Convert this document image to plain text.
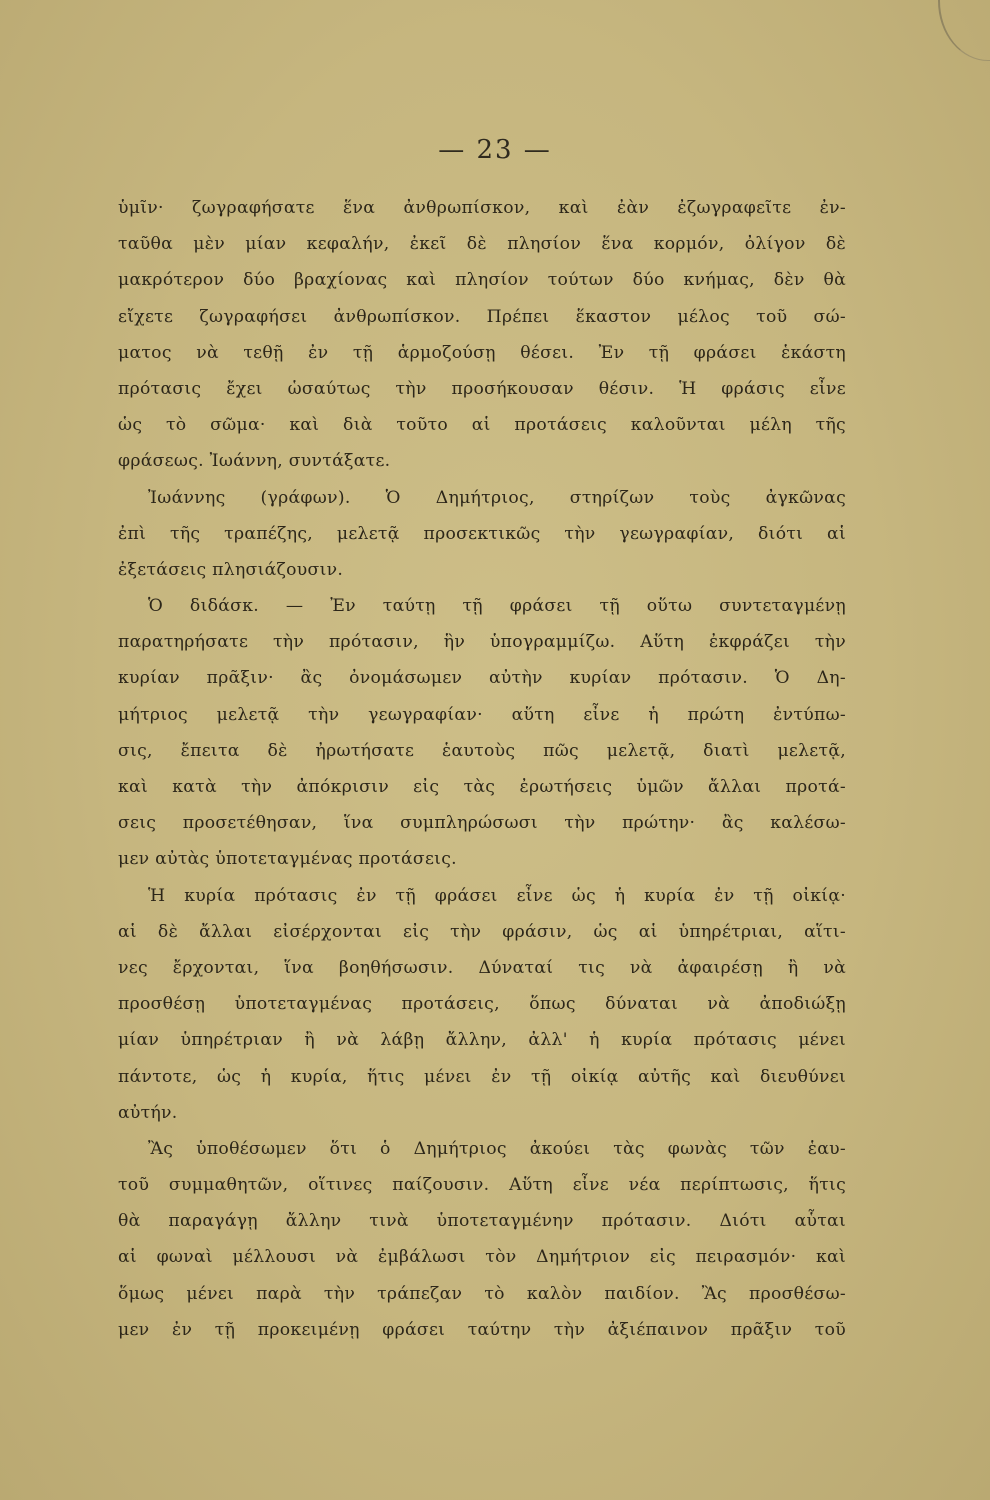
— 23 —
ὑμῖν· ζωγραφήσατε ἕνα ἀνθρωπίσκον, καὶ ἐὰν ἐζωγραφεῖτε ἐν-
ταῦθα μὲν μίαν κεφαλήν, ἐκεῖ δὲ πλησίον ἕνα κορμόν, ὀλίγον δὲ
μακρότερον δύο βραχίονας καὶ πλησίον τούτων δύο κνήμας, δὲν θὰ
εἴχετε ζωγραφήσει ἀνθρωπίσκον. Πρέπει ἕκαστον μέλος τοῦ σώ-
ματος νὰ τεθῇ ἐν τῇ ἁρμοζούσῃ θέσει. Ἐν τῇ φράσει ἑκάστη
πρότασις ἔχει ὡσαύτως τὴν προσήκουσαν θέσιν. Ἡ φράσις εἶνε
ὡς τὸ σῶμα· καὶ διὰ τοῦτο αἱ προτάσεις καλοῦνται μέλη τῆς
φράσεως. Ἰωάννη, συντάξατε.
Ἰωάννης (γράφων). Ὁ Δημήτριος, στηρίζων τοὺς ἀγκῶνας
ἐπὶ τῆς τραπέζης, μελετᾷ προσεκτικῶς τὴν γεωγραφίαν, διότι αἱ
ἐξετάσεις πλησιάζουσιν.
Ὁ διδάσκ. — Ἐν ταύτῃ τῇ φράσει τῇ οὕτω συντεταγμένῃ
παρατηρήσατε τὴν πρότασιν, ἣν ὑπογραμμίζω. Αὕτη ἐκφράζει τὴν
κυρίαν πρᾶξιν· ἂς ὀνομάσωμεν αὐτὴν κυρίαν πρότασιν. Ὁ Δη-
μήτριος μελετᾷ τὴν γεωγραφίαν· αὕτη εἶνε ἡ πρώτη ἐντύπω-
σις, ἔπειτα δὲ ἠρωτήσατε ἑαυτοὺς πῶς μελετᾷ, διατὶ μελετᾷ,
καὶ κατὰ τὴν ἀπόκρισιν εἰς τὰς ἐρωτήσεις ὑμῶν ἄλλαι προτά-
σεις προσετέθησαν, ἵνα συμπληρώσωσι τὴν πρώτην· ἂς καλέσω-
μεν αὐτὰς ὑποτεταγμένας προτάσεις.
Ἡ κυρία πρότασις ἐν τῇ φράσει εἶνε ὡς ἡ κυρία ἐν τῇ οἰκίᾳ·
αἱ δὲ ἄλλαι εἰσέρχονται εἰς τὴν φράσιν, ὡς αἱ ὑπηρέτριαι, αἵτι-
νες ἔρχονται, ἵνα βοηθήσωσιν. Δύναταί τις νὰ ἀφαιρέσῃ ἢ νὰ
προσθέσῃ ὑποτεταγμένας προτάσεις, ὅπως δύναται νὰ ἀποδιώξῃ
μίαν ὑπηρέτριαν ἢ νὰ λάβῃ ἄλλην, ἀλλ' ἡ κυρία πρότασις μένει
πάντοτε, ὡς ἡ κυρία, ἥτις μένει ἐν τῇ οἰκίᾳ αὐτῆς καὶ διευθύνει
αὐτήν.
Ἂς ὑποθέσωμεν ὅτι ὁ Δημήτριος ἀκούει τὰς φωνὰς τῶν ἑαυ-
τοῦ συμμαθητῶν, οἵτινες παίζουσιν. Αὕτη εἶνε νέα περίπτωσις, ἥτις
θὰ παραγάγῃ ἄλλην τινὰ ὑποτεταγμένην πρότασιν. Διότι αὗται
αἱ φωναὶ μέλλουσι νὰ ἐμβάλωσι τὸν Δημήτριον εἰς πειρασμόν· καὶ
ὅμως μένει παρὰ τὴν τράπεζαν τὸ καλὸν παιδίον. Ἂς προσθέσω-
μεν ἐν τῇ προκειμένῃ φράσει ταύτην τὴν ἀξιέπαινον πρᾶξιν τοῦ
